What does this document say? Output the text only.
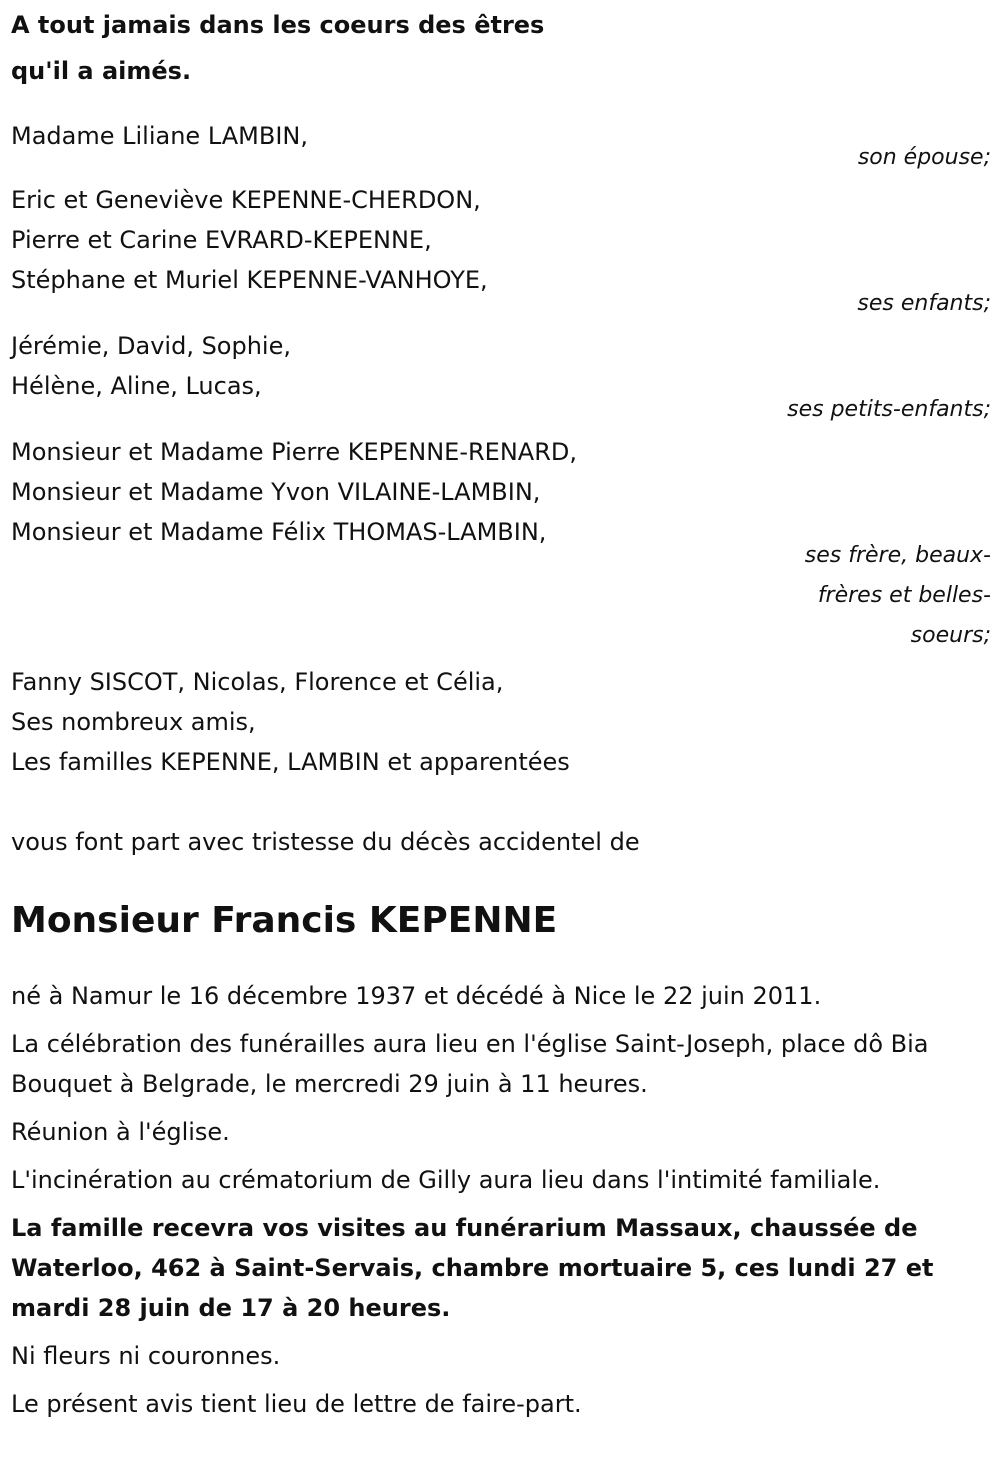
A tout jamais dans les coeurs des êtres
qu'il a aimés.

Madame Liliane LAMBIN,
son épouse;
Eric et Geneviève KEPENNE-CHERDON,
Pierre et Carine EVRARD-KEPENNE,
Stéphane et Muriel KEPENNE-VANHOYE,
ses enfants;
Jérémie, David, Sophie,
Hélène, Aline, Lucas,
ses petits-enfants;
Monsieur et Madame Pierre KEPENNE-RENARD,
Monsieur et Madame Yvon VILAINE-LAMBIN,
Monsieur et Madame Félix THOMAS-LAMBIN,
ses frère, beaux-
frères et belles-
soeurs;
Fanny SISCOT, Nicolas, Florence et Célia,
Ses nombreux amis,
Les familles KEPENNE, LAMBIN et apparentées

vous font part avec tristesse du décès accidentel de

Monsieur Francis KEPENNE

né à Namur le 16 décembre 1937 et décédé à Nice le 22 juin 2011.

La célébration des funérailles aura lieu en l'église Saint-Joseph, place dô Bia Bouquet à Belgrade, le mercredi 29 juin à 11 heures.

Réunion à l'église.

L'incinération au crématorium de Gilly aura lieu dans l'intimité familiale.

La famille recevra vos visites au funérarium Massaux, chaussée de Waterloo, 462 à Saint-Servais, chambre mortuaire 5, ces lundi 27 et mardi 28 juin de 17 à 20 heures.

Ni fleurs ni couronnes.

Le présent avis tient lieu de lettre de faire-part.
